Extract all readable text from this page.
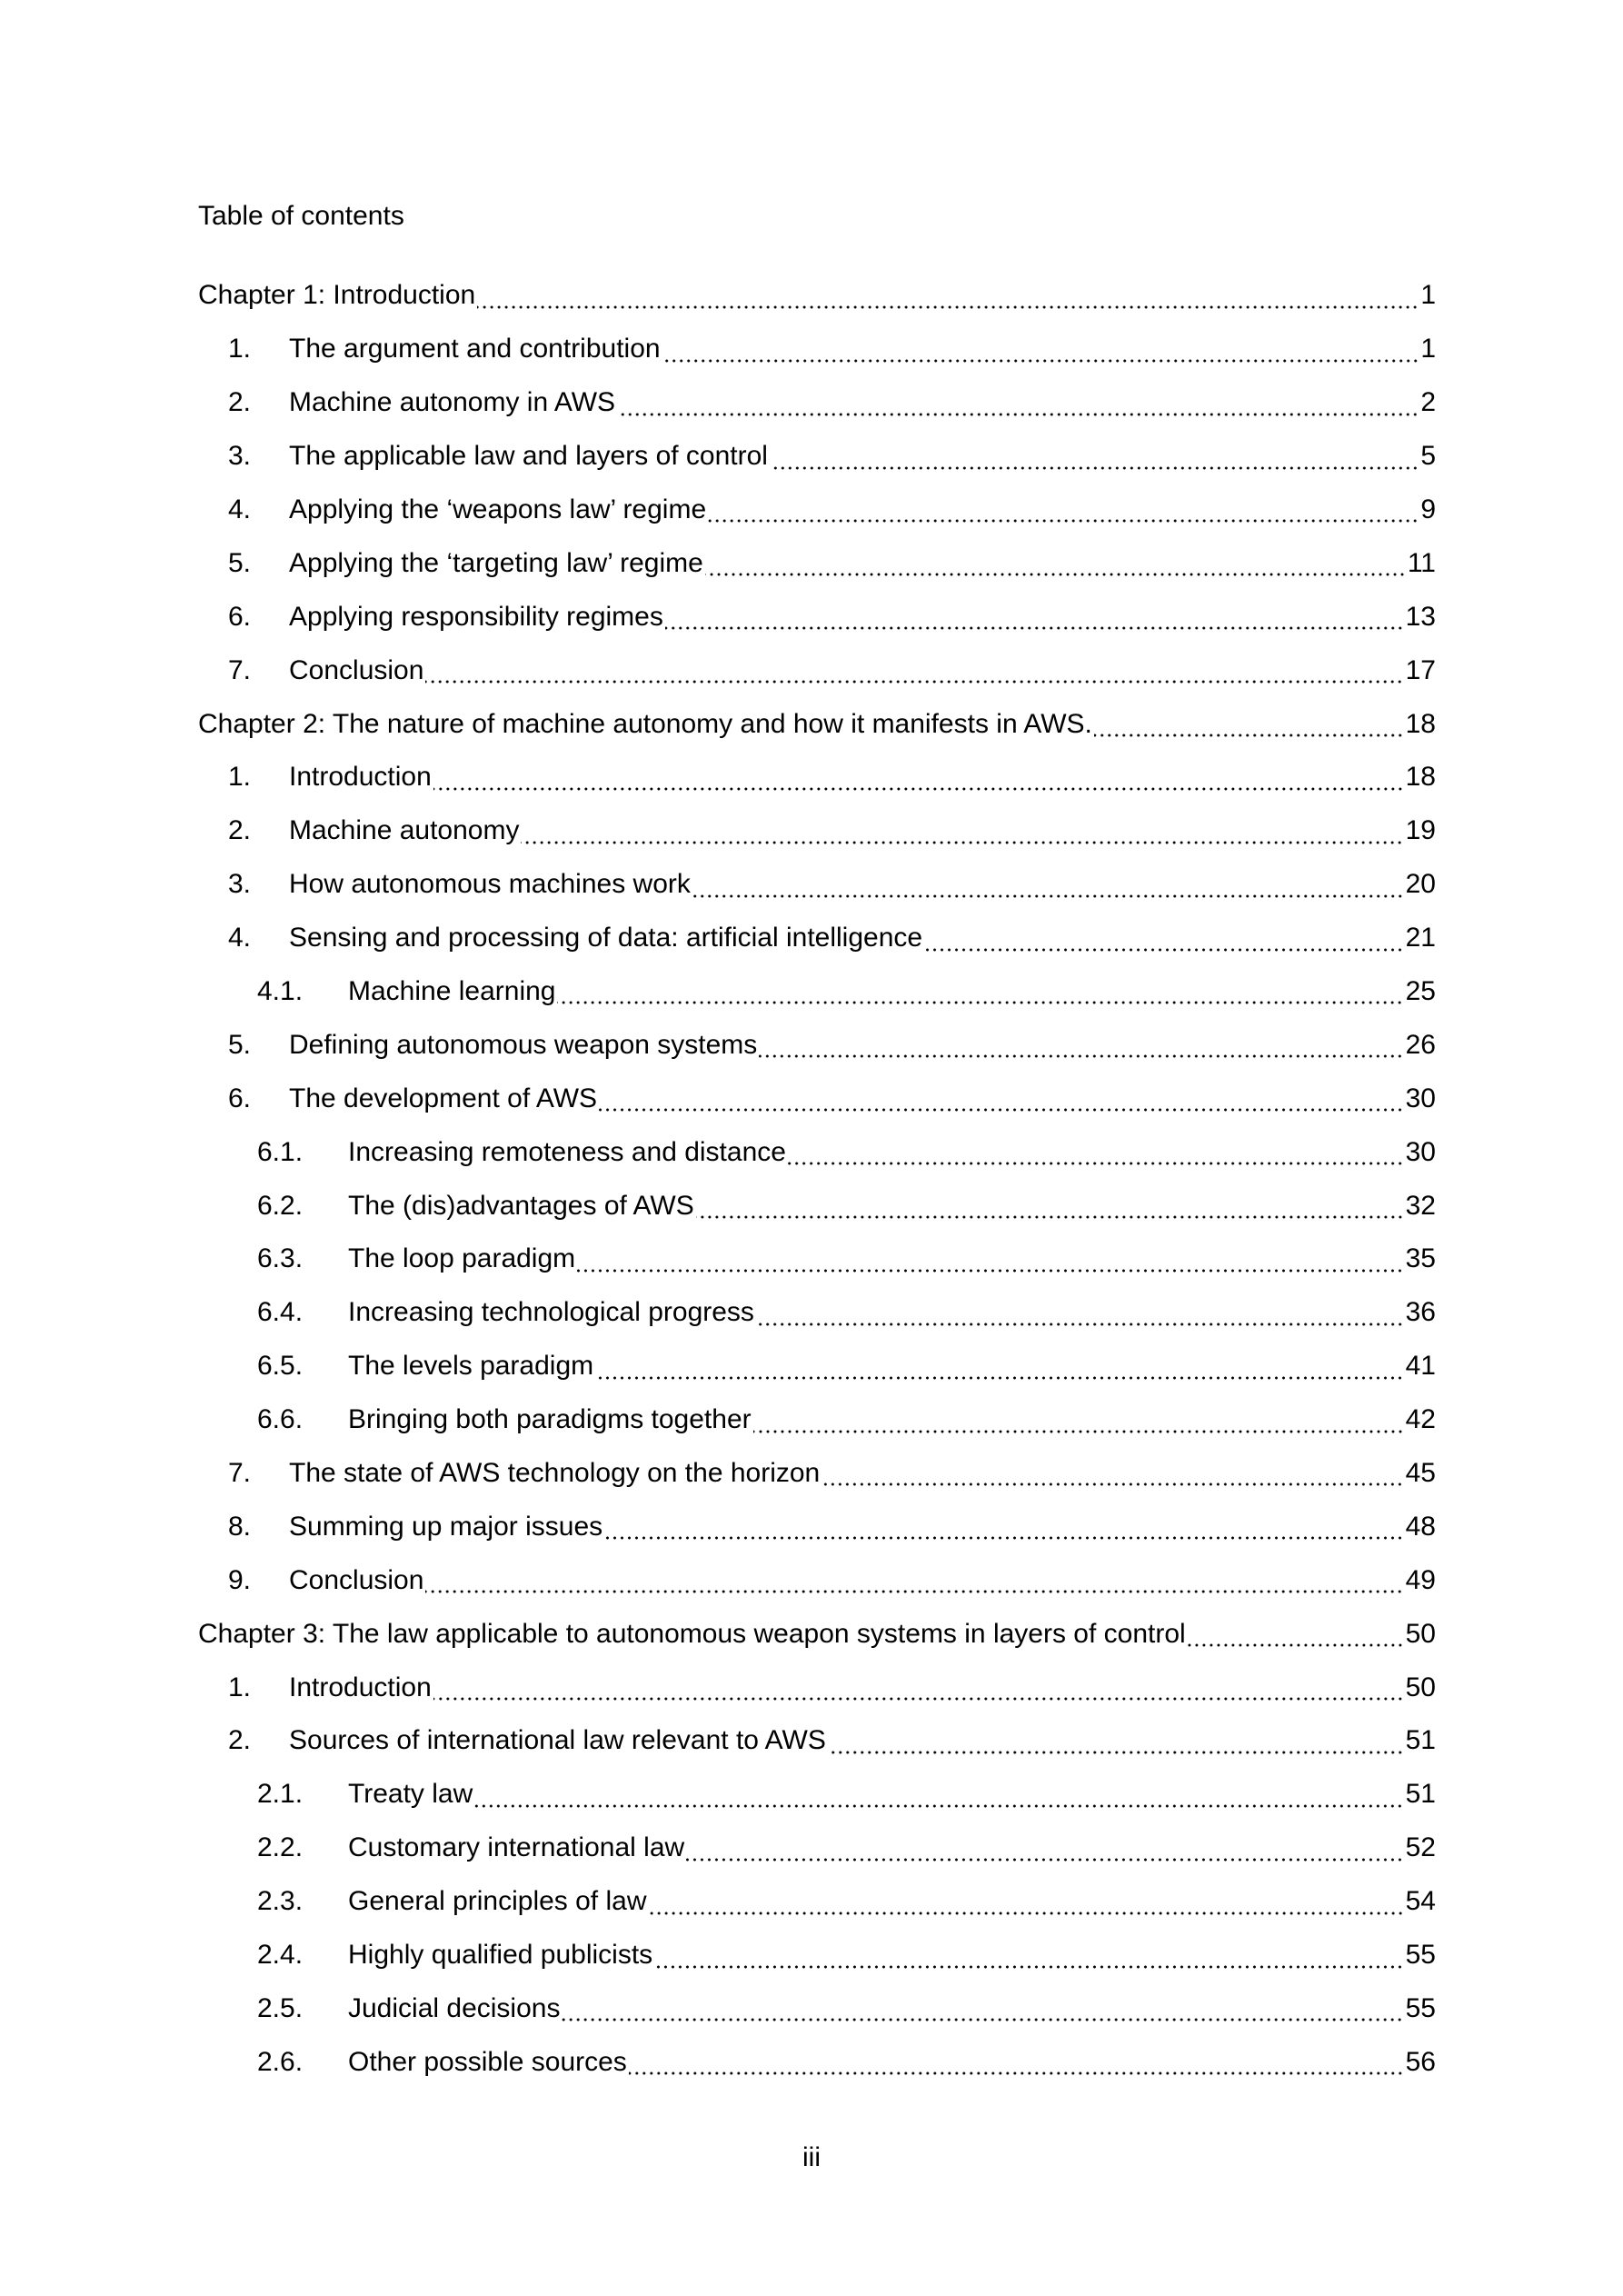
Table of contents
Chapter 1: Introduction	1
1.	The argument and contribution	1
2.	Machine autonomy in AWS	2
3.	The applicable law and layers of control	5
4.	Applying the ‘weapons law’ regime	9
5.	Applying the ‘targeting law’ regime	11
6.	Applying responsibility regimes	13
7.	Conclusion	17
Chapter 2: The nature of machine autonomy and how it manifests in AWS.	18
1.	Introduction	18
2.	Machine autonomy	19
3.	How autonomous machines work	20
4.	Sensing and processing of data: artificial intelligence	21
4.1.	Machine learning	25
5.	Defining autonomous weapon systems	26
6.	The development of AWS	30
6.1.	Increasing remoteness and distance	30
6.2.	The (dis)advantages of AWS	32
6.3.	The loop paradigm	35
6.4.	Increasing technological progress	36
6.5.	The levels paradigm	41
6.6.	Bringing both paradigms together	42
7.	The state of AWS technology on the horizon	45
8.	Summing up major issues	48
9.	Conclusion	49
Chapter 3: The law applicable to autonomous weapon systems in layers of control	50
1.	Introduction	50
2.	Sources of international law relevant to AWS	51
2.1.	Treaty law	51
2.2.	Customary international law	52
2.3.	General principles of law	54
2.4.	Highly qualified publicists	55
2.5.	Judicial decisions	55
2.6.	Other possible sources	56
iii
